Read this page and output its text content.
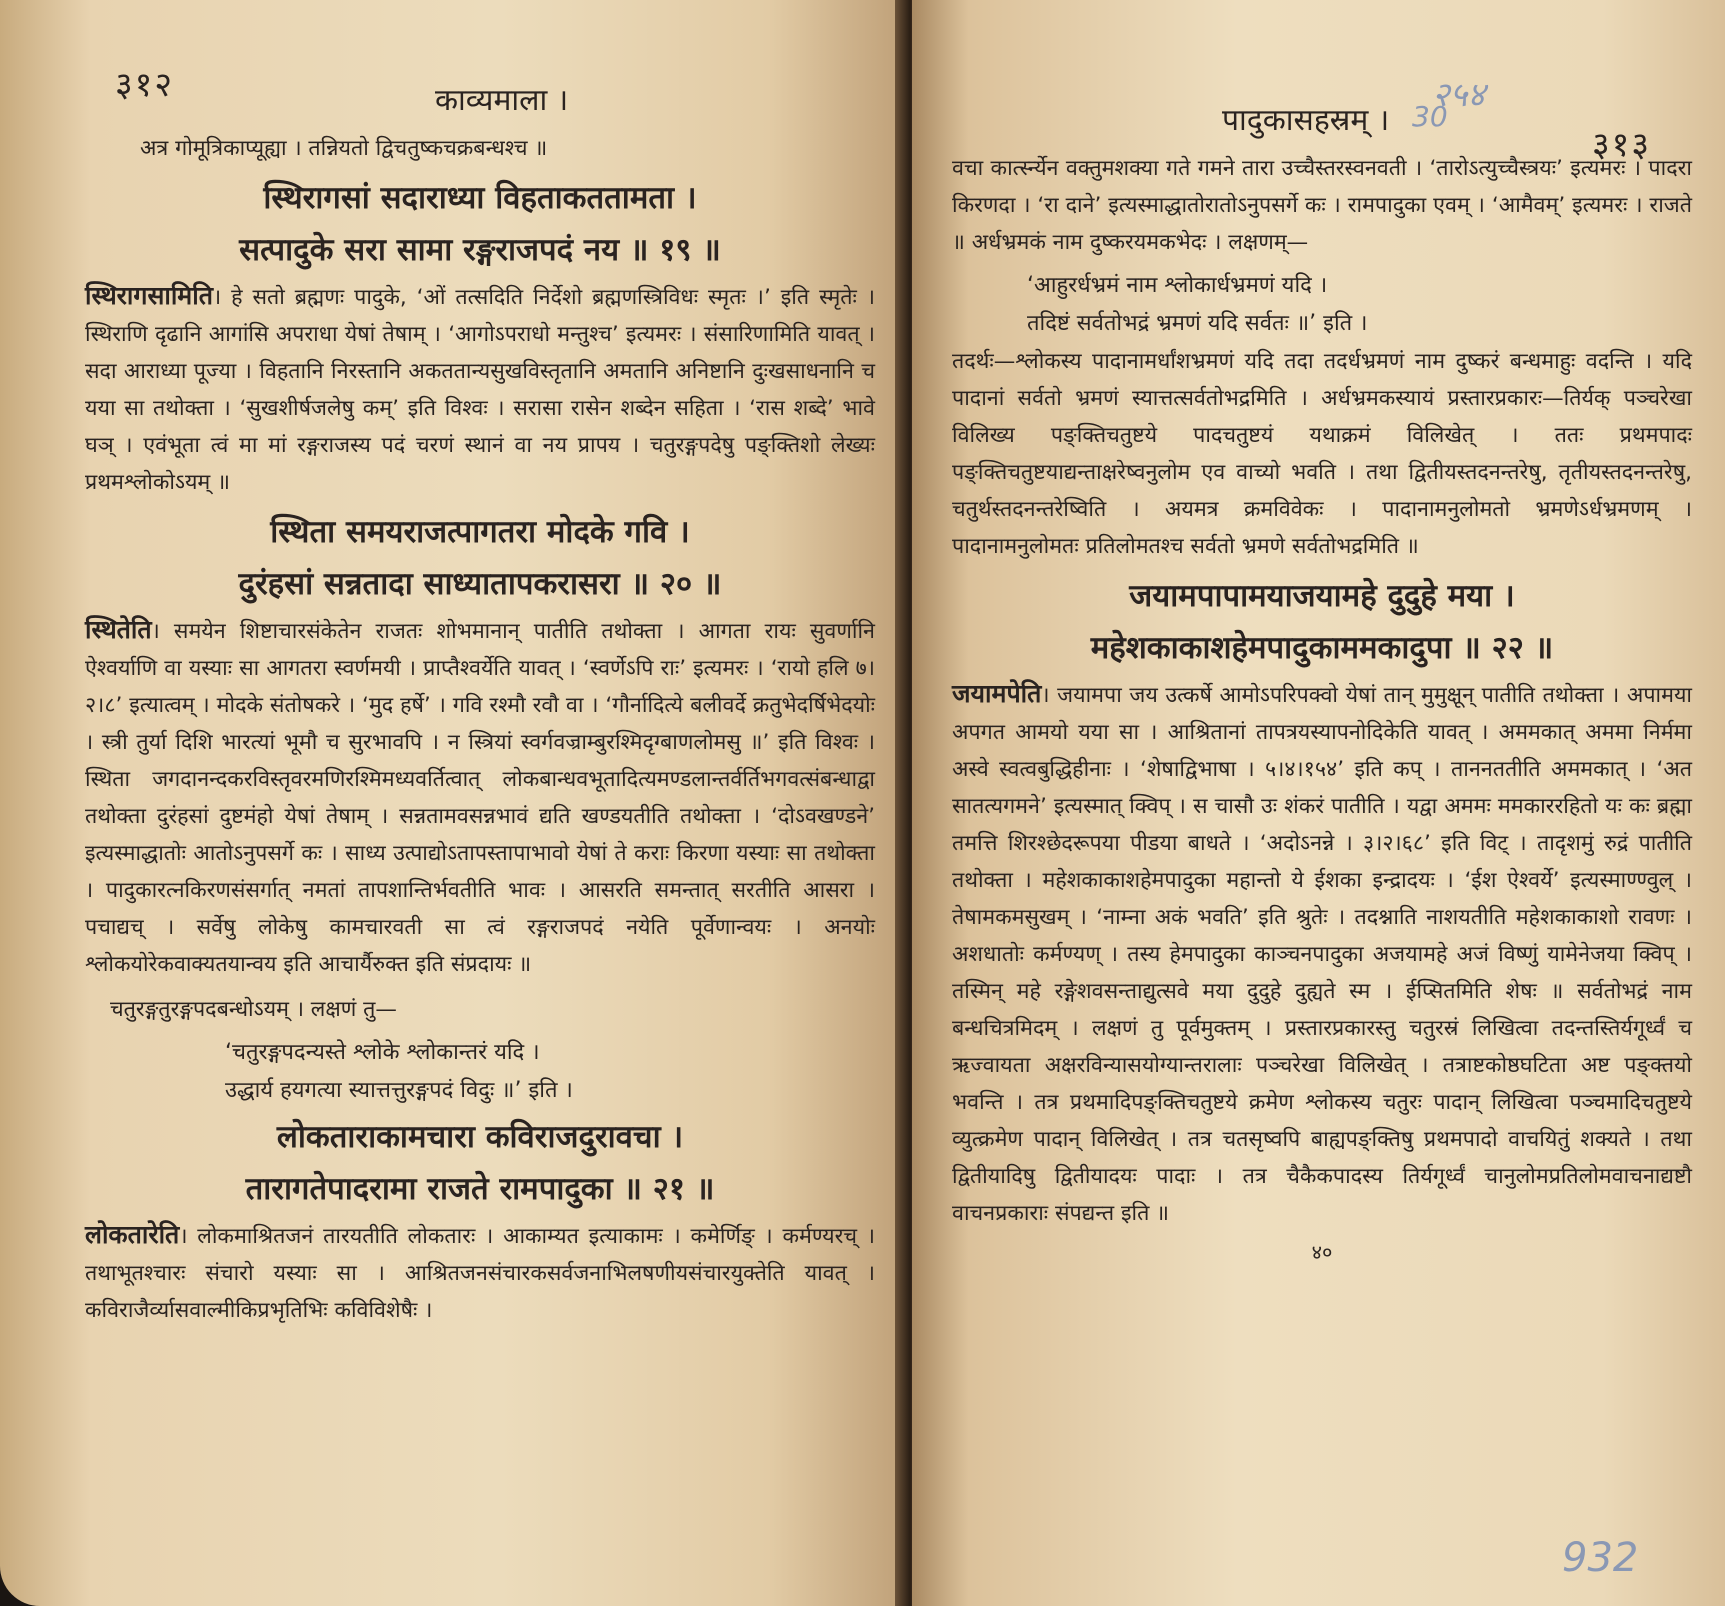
३१२	काव्यमाला ।

अत्र गोमूत्रिकाप्यूह्या । तन्नियतो द्विचतुष्कचक्रबन्धश्च ॥

स्थिरागसां सदाराध्या विहताकततामता ।
सत्पादुके सरा सामा रङ्गराजपदं नय ॥ १९ ॥

स्थिरागसामिति। हे सतो ब्रह्मणः पादुके, ‘ओं तत्सदिति निर्देशो ब्रह्मणस्त्रिविधः स्मृतः ।’ इति स्मृतेः । स्थिराणि दृढानि आगांसि अपराधा येषां तेषाम् । ‘आगोऽपराधो मन्तुश्च’ इत्यमरः । संसारिणामिति यावत् । सदा आराध्या पूज्या । विहतानि निरस्तानि अकततान्यसुखविस्तृतानि अमतानि अनिष्टानि दुःखसाधनानि च यया सा तथोक्ता । ‘सुखशीर्षजलेषु कम्’ इति विश्वः । सरासा रासेन शब्देन सहिता । ‘रास शब्दे’ भावे घञ् । एवंभूता त्वं मा मां रङ्गराजस्य पदं चरणं स्थानं वा नय प्रापय । चतुरङ्गपदेषु पङ्क्तिशो लेख्यः प्रथमश्लोकोऽयम् ॥

स्थिता समयराजत्पागतरा मोदके गवि ।
दुरंहसां सन्नतादा साध्यातापकरासरा ॥ २० ॥

स्थितेति। समयेन शिष्टाचारसंकेतेन राजतः शोभमानान् पातीति तथोक्ता । आगता रायः सुवर्णानि ऐश्वर्याणि वा यस्याः सा आगतरा स्वर्णमयी । प्राप्तैश्वर्येति यावत् । ‘स्वर्णेऽपि राः’ इत्यमरः । ‘रायो हलि ७।२।८’ इत्यात्वम् । मोदके संतोषकरे । ‘मुद हर्षे’ । गवि रश्मौ रवौ वा । ‘गौर्नादित्ये बलीवर्दे क्रतुभेदर्षिभेदयोः । स्त्री तुर्या दिशि भारत्यां भूमौ च सुरभावपि । न स्त्रियां स्वर्गवज्राम्बुरश्मिदृग्बाणलोमसु ॥’ इति विश्वः । स्थिता जगदानन्दकरविस्तृवरमणिरश्मिमध्यवर्तित्वात् लोकबान्धवभूतादित्यमण्डलान्तर्वर्तिभगवत्संबन्धाद्वा तथोक्ता दुरंहसां दुष्टमंहो येषां तेषाम् । सन्नतामवसन्नभावं द्यति खण्डयतीति तथोक्ता । ‘दोऽवखण्डने’ इत्यस्माद्धातोः आतोऽनुपसर्गे कः । साध्य उत्पाद्योऽतापस्तापाभावो येषां ते कराः किरणा यस्याः सा तथोक्ता । पादुकारत्नकिरणसंसर्गात् नमतां तापशान्तिर्भवतीति भावः । आसरति समन्तात् सरतीति आसरा । पचाद्यच् । सर्वेषु लोकेषु कामचारवती सा त्वं रङ्गराजपदं नयेति पूर्वेणान्वयः । अनयोः श्लोकयोरेकवाक्यतयान्वय इति आचार्यैरुक्त इति संप्रदायः ॥

चतुरङ्गतुरङ्गपदबन्धोऽयम् । लक्षणं तु—

‘चतुरङ्गपदन्यस्ते श्लोके श्लोकान्तरं यदि ।

उद्धार्य हयगत्या स्यात्तत्तुरङ्गपदं विदुः ॥’ इति ।

लोकताराकामचारा कविराजदुरावचा ।
तारागतेपादरामा राजते रामपादुका ॥ २१ ॥

लोकतारेति। लोकमाश्रितजनं तारयतीति लोकतारः । आकाम्यत इत्याकामः । कमेर्णिङ् । कर्मण्यरच् । तथाभूतश्चारः संचारो यस्याः सा । आश्रितजनसंचारकसर्वजनाभिलषणीयसंचारयुक्तेति यावत् । कविराजैर्व्यासवाल्मीकिप्रभृतिभिः कविविशेषैः ।

२५४
पादुकासहस्रम् । 30
३१३

वचा कार्त्स्न्येन वक्तुमशक्या गते गमने तारा उच्चैस्तरस्वनवती । ‘तारोऽत्युच्चैस्त्रयः’ इत्यमरः । पादरा किरणदा । ‘रा दाने’ इत्यस्माद्धातोरातोऽनुपसर्गे कः । रामपादुका एवम् । ‘आमैवम्’ इत्यमरः । राजते ॥ अर्धभ्रमकं नाम दुष्करयमकभेदः । लक्षणम्—

‘आहुरर्धभ्रमं नाम श्लोकार्धभ्रमणं यदि ।

तदिष्टं सर्वतोभद्रं भ्रमणं यदि सर्वतः ॥’ इति ।

तदर्थः—श्लोकस्य पादानामर्धांशभ्रमणं यदि तदा तदर्धभ्रमणं नाम दुष्करं बन्धमाहुः वदन्ति । यदि पादानां सर्वतो भ्रमणं स्यात्तत्सर्वतोभद्रमिति । अर्धभ्रमकस्यायं प्रस्तारप्रकारः—तिर्यक् पञ्चरेखा विलिख्य पङ्क्तिचतुष्टये पादचतुष्टयं यथाक्रमं विलिखेत् । ततः प्रथमपादः पङ्क्तिचतुष्टयाद्यन्ताक्षरेष्वनुलोम एव वाच्यो भवति । तथा द्वितीयस्तदनन्तरेषु, तृतीयस्तदनन्तरेषु, चतुर्थस्तदनन्तरेष्विति । अयमत्र क्रमविवेकः । पादानामनुलोमतो भ्रमणेऽर्धभ्रमणम् । पादानामनुलोमतः प्रतिलोमतश्च सर्वतो भ्रमणे सर्वतोभद्रमिति ॥

जयामपापामयाजयामहे दुदुहे मया ।
महेशकाकाशहेमपादुकाममकादुपा ॥ २२ ॥

जयामपेति। जयामपा जय उत्कर्षे आमोऽपरिपक्वो येषां तान् मुमुक्षून् पातीति तथोक्ता । अपामया अपगत आमयो यया सा । आश्रितानां तापत्रयस्यापनोदिकेति यावत् । अममकात् अममा निर्ममा अस्वे स्वत्वबुद्धिहीनाः । ‘शेषाद्विभाषा । ५।४।१५४’ इति कप् । ताननततीति अममकात् । ‘अत सातत्यगमने’ इत्यस्मात् क्विप् । स चासौ उः शंकरं पातीति । यद्वा अममः ममकाररहितो यः कः ब्रह्मा तमत्ति शिरश्छेदरूपया पीडया बाधते । ‘अदोऽनन्ने । ३।२।६८’ इति विट् । तादृशमुं रुद्रं पातीति तथोक्ता । महेशकाकाशहेमपादुका महान्तो ये ईशका इन्द्रादयः । ‘ईश ऐश्वर्ये’ इत्यस्माण्ण्वुल् । तेषामकमसुखम् । ‘नाम्ना अकं भवति’ इति श्रुतेः । तदश्नाति नाशयतीति महेशकाकाशो रावणः । अशधातोः कर्मण्यण् । तस्य हेमपादुका काञ्चनपादुका अजयामहे अजं विष्णुं यामेनेजया क्विप् । तस्मिन् महे रङ्गेशवसन्ताद्युत्सवे मया दुदुहे दुह्यते स्म । ईप्सितमिति शेषः ॥ सर्वतोभद्रं नाम बन्धचित्रमिदम् । लक्षणं तु पूर्वमुक्तम् । प्रस्तारप्रकारस्तु चतुरस्रं लिखित्वा तदन्तस्तिर्यगूर्ध्वं च ऋज्वायता अक्षरविन्यासयोग्यान्तरालाः पञ्चरेखा विलिखेत् । तत्राष्टकोष्ठघटिता अष्ट पङ्क्तयो भवन्ति । तत्र प्रथमादिपङ्क्तिचतुष्टये क्रमेण श्लोकस्य चतुरः पादान् लिखित्वा पञ्चमादिचतुष्टये व्युत्क्रमेण पादान् विलिखेत् । तत्र चतसृष्वपि बाह्यपङ्क्तिषु प्रथमपादो वाचयितुं शक्यते । तथा द्वितीयादिषु द्वितीयादयः पादाः । तत्र चैकैकपादस्य तिर्यगूर्ध्वं चानुलोमप्रतिलोमवाचनाद्यष्टौ वाचनप्रकाराः संपद्यन्त इति ॥

४०
932
